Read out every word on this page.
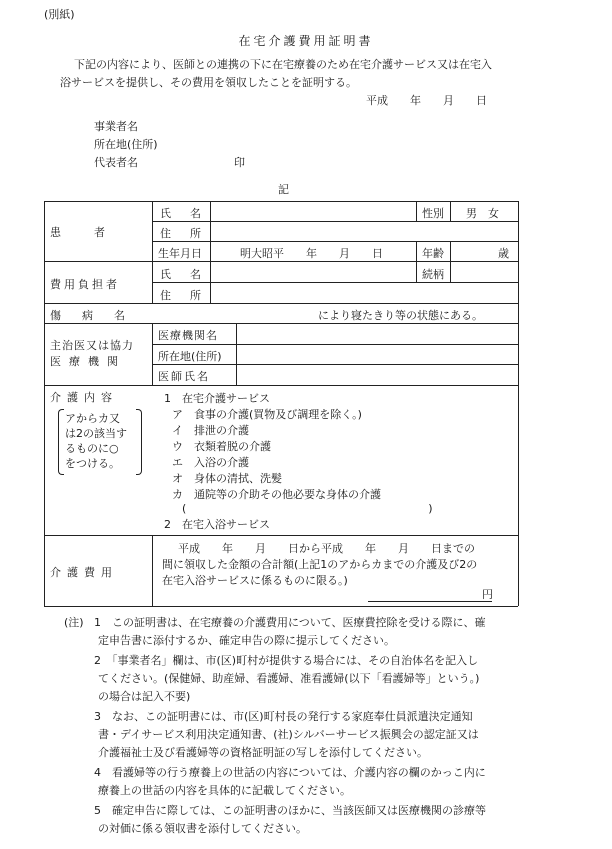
(別紙)
在宅介護費用証明書
下記の内容により、医師との連携の下に在宅療養のため在宅介護サービス又は在宅入
浴サービスを提供し、その費用を領収したことを証明する。
平成　　年　　月　　日
事業者名
所在地(住所)
代表者名	印
記
患　　　者
氏　名	性別 男　女
住　所
生年月日	明大昭平　　年　　月　　日	年齢	歳
費用負担者
氏　名	続柄
住　所
傷　病　名	により寝たきり等の状態にある。
主治医又は協力
医療機関
医療機関名
所在地(住所)
医師氏名
介護内容
アからカ又
は2の該当す
るものに○
をつける。
1　在宅介護サービス
ア　食事の介護(買物及び調理を除く。)
イ　排泄の介護
ウ　衣類着脱の介護
エ　入浴の介護
オ　身体の清拭、洗髪
カ　通院等の介助その他必要な身体の介護
(　　　　　　　　　　　　　　　　　　　　　　)
2　在宅入浴サービス
介護費用
平成　　年　　月　　日から平成　　年　　月　　日までの
間に領収した金額の合計額(上記1のアからカまでの介護及び2の
在宅入浴サービスに係るものに限る。)
円
(注) 1　この証明書は、在宅療養の介護費用について、医療費控除を受ける際に、確
定申告書に添付するか、確定申告の際に提示してください。
2　「事業者名」欄は、市(区)町村が提供する場合には、その自治体名を記入し
てください。(保健婦、助産婦、看護婦、准看護婦(以下「看護婦等」という。)
の場合は記入不要)
3　なお、この証明書には、市(区)町村長の発行する家庭奉仕員派遣決定通知
書・デイサービス利用決定通知書、(社)シルバーサービス振興会の認定証又は
介護福祉士及び看護婦等の資格証明証の写しを添付してください。
4　看護婦等の行う療養上の世話の内容については、介護内容の欄のかっこ内に
療養上の世話の内容を具体的に記載してください。
5　確定申告に際しては、この証明書のほかに、当該医師又は医療機関の診療等
の対価に係る領収書を添付してください。
